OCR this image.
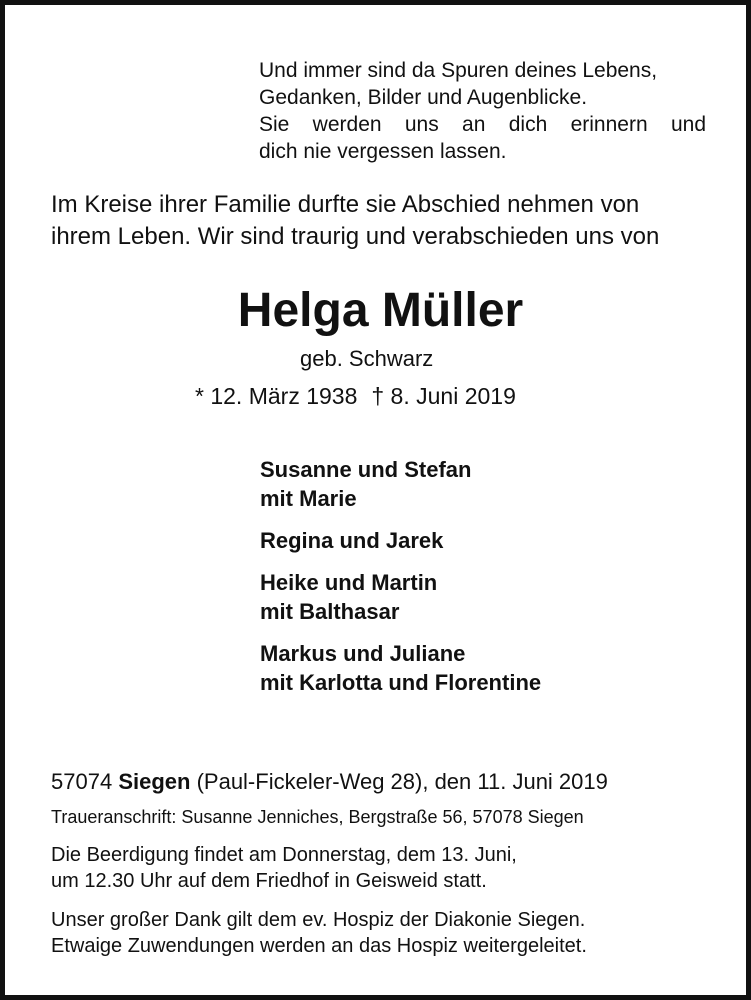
Und immer sind da Spuren deines Lebens,
Gedanken, Bilder und Augenblicke.
Sie werden uns an dich erinnern und
dich nie vergessen lassen.
Im Kreise ihrer Familie durfte sie Abschied nehmen von
ihrem Leben. Wir sind traurig und verabschieden uns von
Helga Müller
geb. Schwarz
* 12. März 1938 † 8. Juni 2019
Susanne und Stefan
mit Marie
Regina und Jarek
Heike und Martin
mit Balthasar
Markus und Juliane
mit Karlotta und Florentine
57074 Siegen (Paul-Fickeler-Weg 28), den 11. Juni 2019
Traueranschrift: Susanne Jenniches, Bergstraße 56, 57078 Siegen
Die Beerdigung findet am Donnerstag, dem 13. Juni,
um 12.30 Uhr auf dem Friedhof in Geisweid statt.
Unser großer Dank gilt dem ev. Hospiz der Diakonie Siegen.
Etwaige Zuwendungen werden an das Hospiz weitergeleitet.
